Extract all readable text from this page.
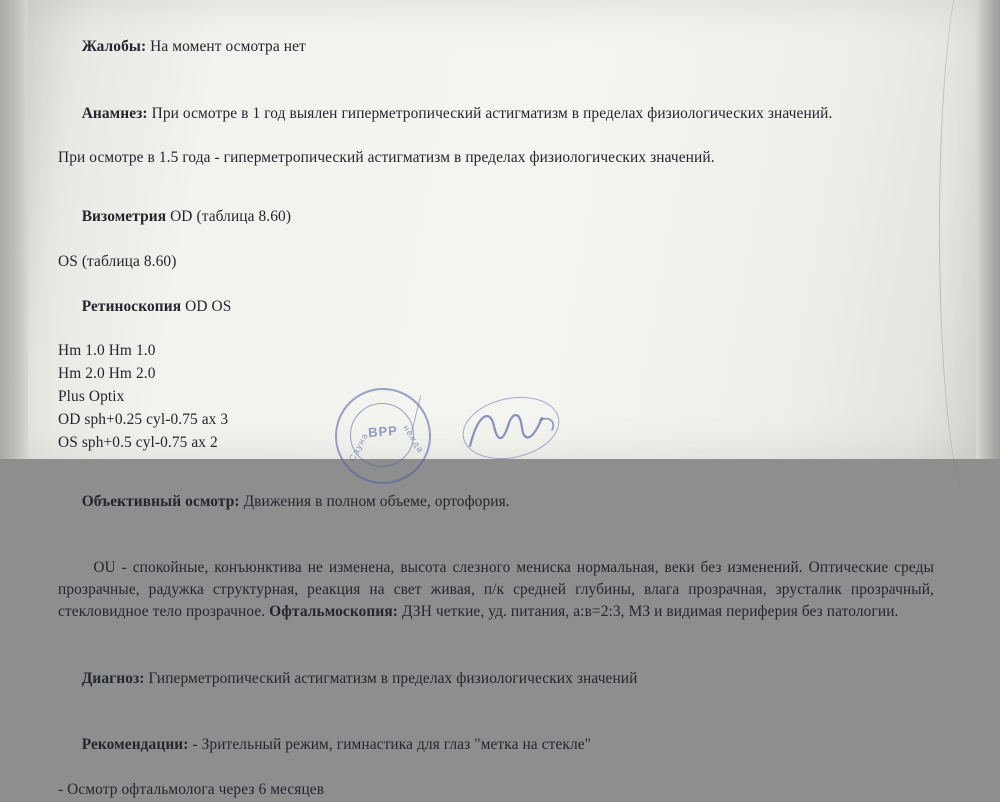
Жалобы: На момент осмотра нет

Анамнез: При осмотре в 1 год выялен гиперметропический астигматизм в пределах физиологических значений.

При осмотре в 1.5 года - гиперметропический астигматизм в пределах физиологических значений.

Визометрия OD (таблица 8.60)

OS (таблица 8.60)

Ретиноскопия OD OS

Hm 1.0 Hm 1.0

Hm 2.0 Hm 2.0

Plus Optix

OD sph+0.25 cyl-0.75 ax 3

OS sph+0.5 cyl-0.75 ax 2

Объективный осмотр: Движения в полном объеме, ортофория.

OU - спокойные, конъюнктива не изменена, высота слезного мениска нормальная, веки без изменений. Оптические среды прозрачные, радужка структурная, реакция на свет живая, п/к средней глубины, влага прозрачная, зрусталик прозрачный, стекловидное тело прозрачное. Офтальмоскопия: ДЗН четкие, уд. питания, а:в=2:3, МЗ и видимая периферия без патологии.

Диагноз: Гиперметропический астигматизм в пределах физиологических значений

Рекомендации: - Зрительный режим, гимнастика для глаз "метка на стекле"

- Осмотр офтальмолога через 6 месяцев

ВРР
Сауна	нежда
